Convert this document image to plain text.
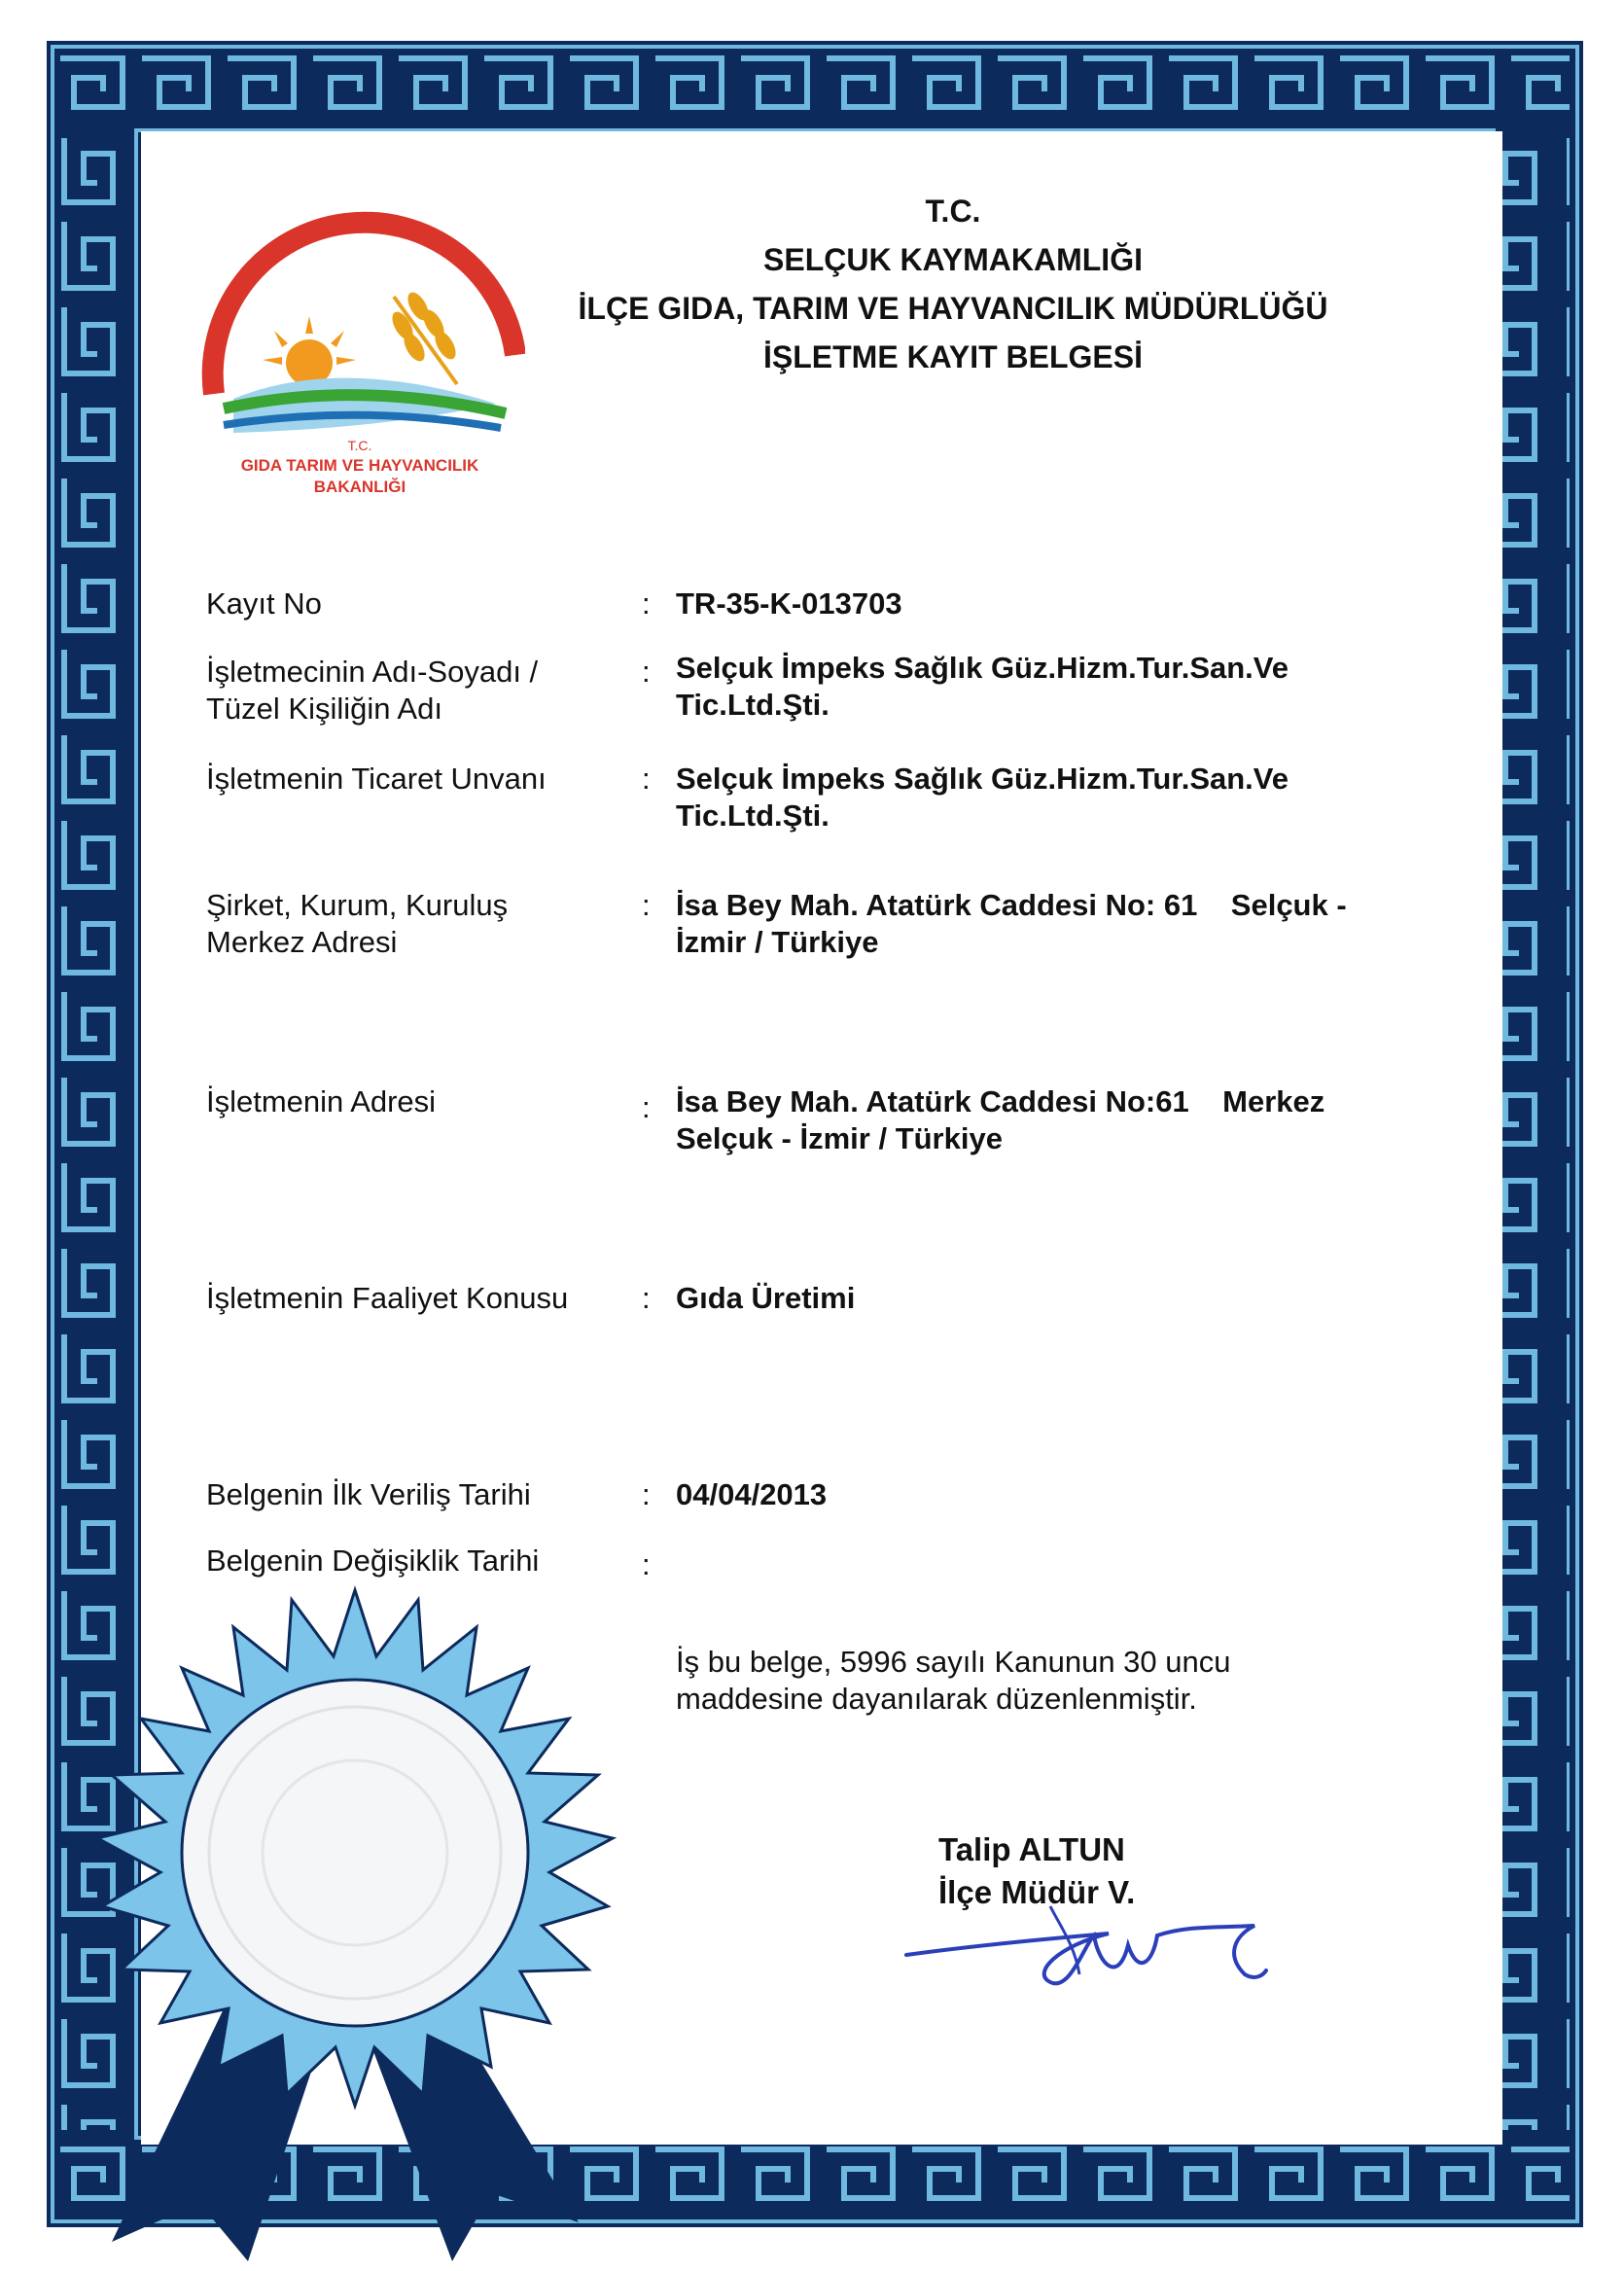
T.C.
GIDA TARIM VE HAYVANCILIK
BAKANLIĞI
T.C.
SELÇUK KAYMAKAMLIĞI
İLÇE GIDA, TARIM VE HAYVANCILIK MÜDÜRLÜĞÜ
İŞLETME KAYIT BELGESİ
Kayıt No	: TR-35-K-013703
İşletmecinin Adı-Soyadı /
Tüzel Kişiliğin Adı
: Selçuk İmpeks Sağlık Güz.Hizm.Tur.San.Ve
Tic.Ltd.Şti.
İşletmenin Ticaret Unvanı	: Selçuk İmpeks Sağlık Güz.Hizm.Tur.San.Ve
Tic.Ltd.Şti.
Şirket, Kurum, Kuruluş
Merkez Adresi
: İsa Bey Mah. Atatürk Caddesi No: 61    Selçuk -
İzmir / Türkiye
İşletmenin Adresi	: İsa Bey Mah. Atatürk Caddesi No:61    Merkez
Selçuk - İzmir / Türkiye
İşletmenin Faaliyet Konusu : Gıda Üretimi
Belgenin İlk Veriliş Tarihi	: 04/04/2013
Belgenin Değişiklik Tarihi	:
İş bu belge, 5996 sayılı Kanunun 30 uncu
maddesine dayanılarak düzenlenmiştir.
Talip ALTUN
İlçe Müdür V.
